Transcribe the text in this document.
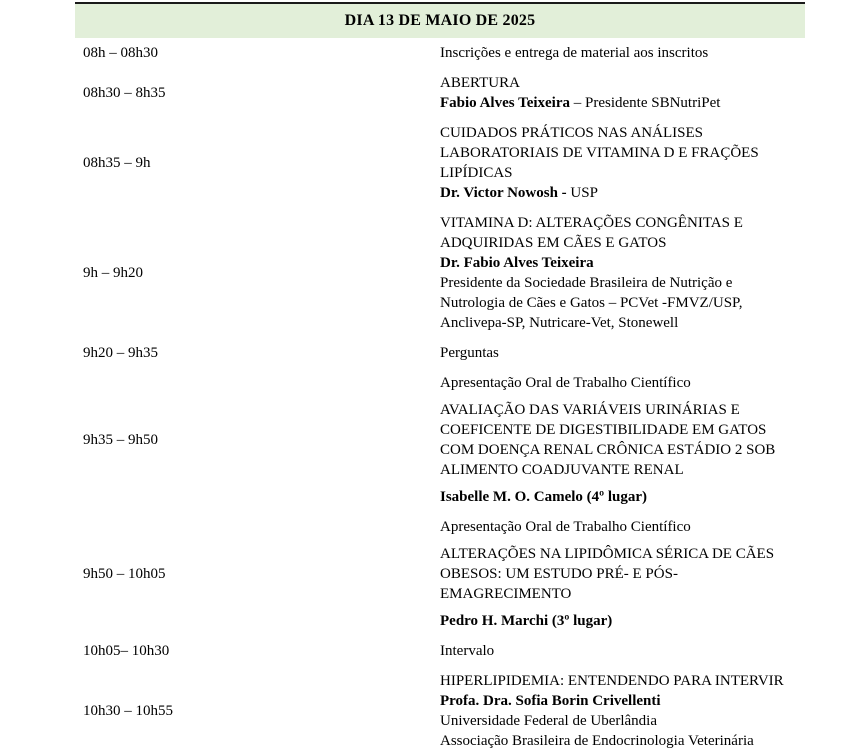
DIA 13 DE MAIO DE 2025	
08h – 08h30	Inscrições e entrega de material aos inscritos

08h30 – 8h35	ABERTURA
Fabio Alves Teixeira – Presidente SBNutriPet

08h35 – 9h	CUIDADOS PRÁTICOS NAS ANÁLISES LABORATORIAIS DE VITAMINA D E FRAÇÕES LIPÍDICAS
Dr. Victor Nowosh - USP

9h – 9h20	VITAMINA D: ALTERAÇÕES CONGÊNITAS E ADQUIRIDAS EM CÃES E GATOS
Dr. Fabio Alves Teixeira
Presidente da Sociedade Brasileira de Nutrição e Nutrologia de Cães e Gatos – PCVet -FMVZ/USP, Anclivepa-SP, Nutricare-Vet, Stonewell

9h20 – 9h35	Perguntas

9h35 – 9h50	Apresentação Oral de Trabalho Científico
AVALIAÇÃO DAS VARIÁVEIS URINÁRIAS E COEFICENTE DE DIGESTIBILIDADE EM GATOS COM DOENÇA RENAL CRÔNICA ESTÁDIO 2 SOB ALIMENTO COADJUVANTE RENAL
Isabelle M. O. Camelo (4º lugar)

9h50 – 10h05	Apresentação Oral de Trabalho Científico
ALTERAÇÕES NA LIPIDÔMICA SÉRICA DE CÃES OBESOS: UM ESTUDO PRÉ- E PÓS-EMAGRECIMENTO
Pedro H. Marchi (3º lugar)

10h05– 10h30	Intervalo

10h30 – 10h55	HIPERLIPIDEMIA: ENTENDENDO PARA INTERVIR
Profa. Dra. Sofia Borin Crivellenti
Universidade Federal de Uberlândia
Associação Brasileira de Endocrinologia Veterinária
